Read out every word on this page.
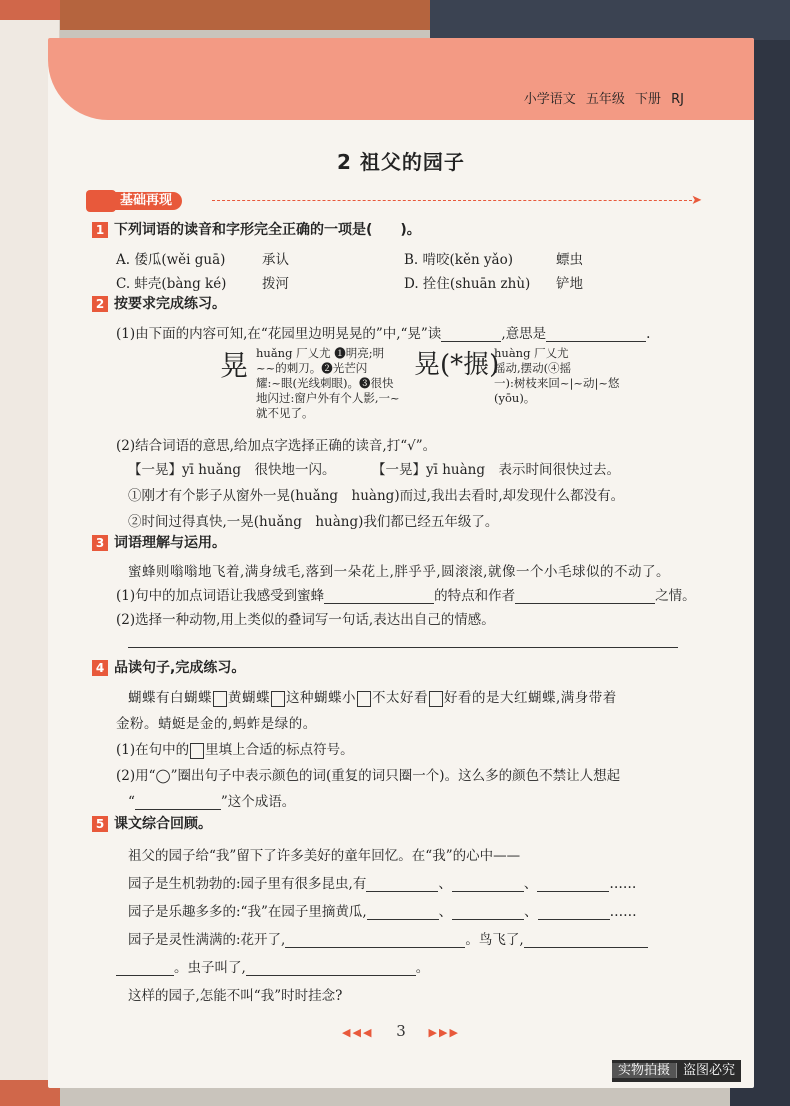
小学语文 五年级 下册 RJ
2 祖父的园子
基础再现	➤
1 下列词语的读音和字形完全正确的一项是(　　)。
A. 倭瓜(wěi guā)	承认	B. 啃咬(kěn yǎo)	螵虫
C. 蚌壳(bàng ké)	拨河	D. 拴住(shuān zhù) 铲地
2 按要求完成练习。
(1)由下面的内容可知,在“花园里边明晃晃的”中,“晃”读	,意思是	.
晃 huǎng 厂乂尤 ❶明亮;明
~~的刺刀。❷光芒闪
耀:~眼(光线刺眼)。❸很快
地闪过:窗户外有个人影,一~
就不见了。
晃(*搌)
huàng 厂乂尤
摇动,摆动(④摇
一):树枝来回~|~动|~悠
(yōu)。
(2)结合词语的意思,给加点字选择正确的读音,打“√”。
【一晃】yī huǎng　很快地一闪。	【一晃】yī huàng　表示时间很快过去。
①刚才有个影子从窗外一晃(huǎng　huàng)而过,我出去看时,却发现什么都没有。
②时间过得真快,一晃(huǎng　huàng)我们都已经五年级了。
3 词语理解与运用。
蜜蜂则嗡嗡地飞着,满身绒毛,落到一朵花上,胖乎乎,圆滚滚,就像一个小毛球似的不动了。
(1)句中的加点词语让我感受到蜜蜂	的特点和作者	之情。
(2)选择一种动物,用上类似的叠词写一句话,表达出自己的情感。
4 品读句子,完成练习。
蝴蝶有白蝴蝶 黄蝴蝶 这种蝴蝶小 不太好看 好看的是大红蝴蝶,满身带着
金粉。蜻蜓是金的,蚂蚱是绿的。
(1)在句中的 里填上合适的标点符号。
(2)用“◯”圈出句子中表示颜色的词(重复的词只圈一个)。这么多的颜色不禁让人想起
“	”这个成语。
5 课文综合回顾。
祖父的园子给“我”留下了许多美好的童年回忆。在“我”的心中——
园子是生机勃勃的:园子里有很多昆虫,有	、	、	……
园子是乐趣多多的:“我”在园子里摘黄瓜,	、	、	……
园子是灵性满满的:花开了,	。鸟飞了,
。虫子叫了,	。
这样的园子,怎能不叫“我”时时挂念?
◀◀◀ 3 ▶▶▶
实物拍摄 盗图必究
